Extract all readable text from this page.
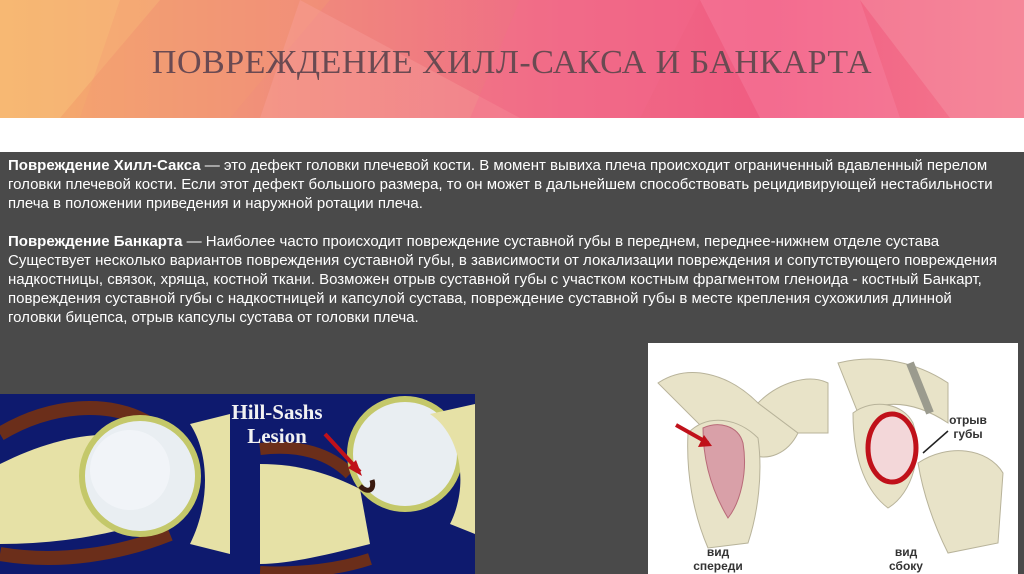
ПОВРЕЖДЕНИЕ ХИЛЛ-САКСА И БАНКАРТА

Повреждение Хилл-Сакса — это дефект головки плечевой кости. В момент вывиха плеча происходит ограниченный вдавленный перелом головки плечевой кости. Если этот дефект большого размера, то он может в дальнейшем способствовать рецидивирующей нестабильности плеча в положении приведения и наружной ротации плеча.

Повреждение Банкарта — Наиболее часто происходит повреждение суставной губы в переднем, переднее-нижнем отделе сустава Существует несколько вариантов повреждения суставной губы, в зависимости от локализации повреждения и сопутствующего повреждения надкостницы, связок, хряща, костной ткани. Возможен отрыв суставной губы с участком костным фрагментом гленоида - костный Банкарт, повреждения суставной губы с надкостницей и капсулой сустава, повреждение суставной губы в месте крепления сухожилия длинной головки бицепса, отрыв капсулы сустава от головки плеча.

Hill-Sashs
Lesion
отрыв
губы
вид
спереди
вид
сбоку
